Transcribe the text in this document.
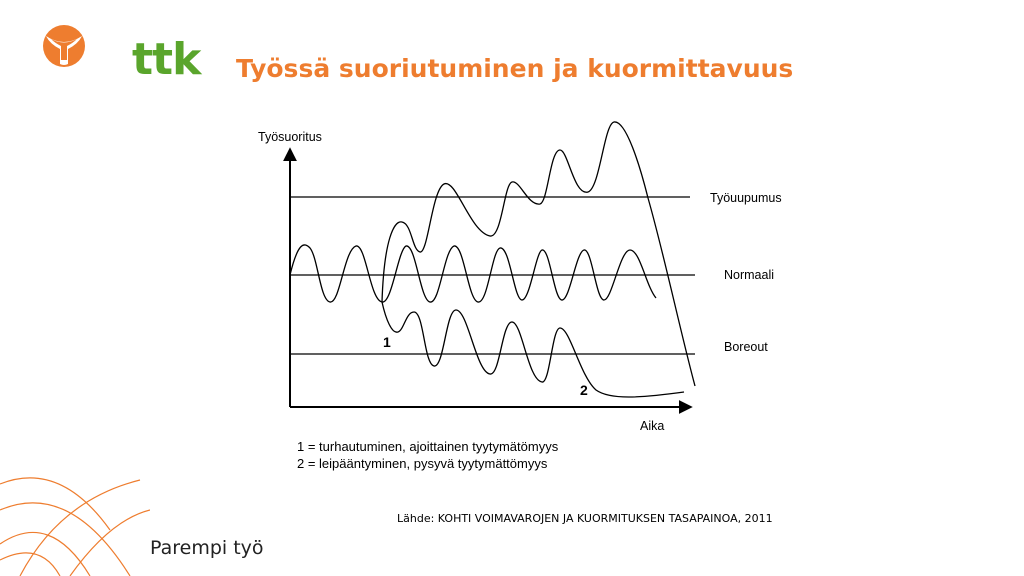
ttk Työssä suoriutuminen ja kuormittavuus
Työsuoritus
Aika
Työuupumus
Normaali
Boreout
1
2
1 = turhautuminen, ajoittainen tyytymätömyys
2 = leipääntyminen, pysyvä tyytymättömyys
Lähde: KOHTI VOIMAVAROJEN JA KUORMITUKSEN TASAPAINOA, 2011
Parempi työ
